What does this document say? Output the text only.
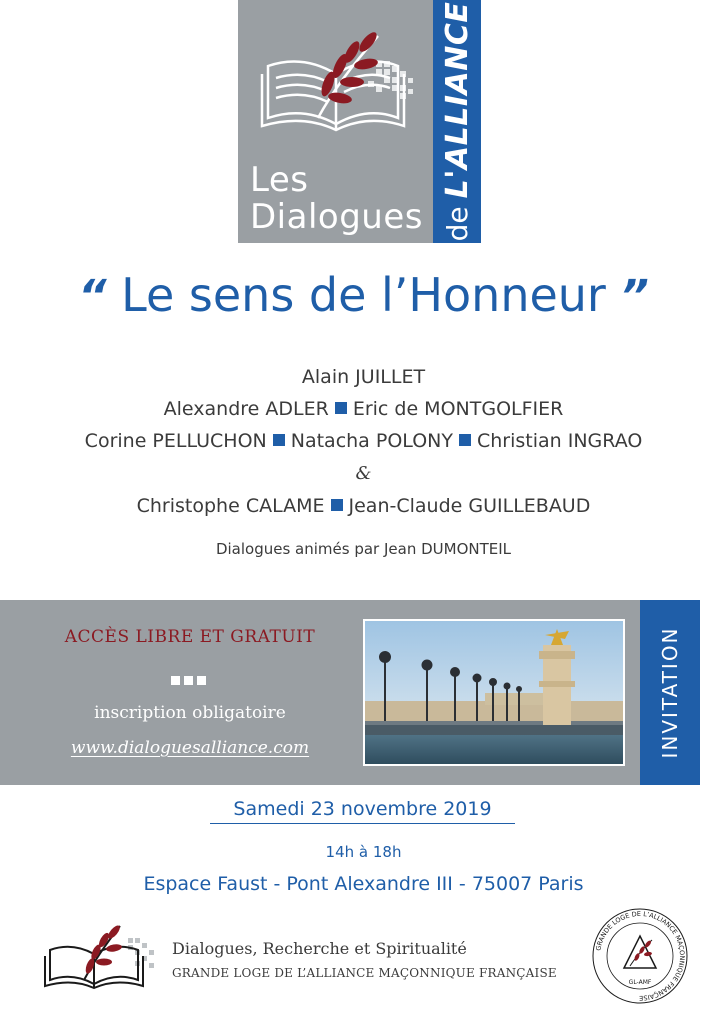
Les
Dialogues de
L'ALLIANCE
“ Le sens de l’Honneur ”
Alain JUILLET
Alexandre ADLER Eric de MONTGOLFIER
Corine PELLUCHON Natacha POLONY Christian INGRAO
&
Christophe CALAME Jean-Claude GUILLEBAUD
Dialogues animés par Jean DUMONTEIL
INVITATION
ACCÈS LIBRE ET GRATUIT
inscription obligatoire
www.dialoguesalliance.com
Samedi 23 novembre 2019
14h à 18h
Espace Faust - Pont Alexandre III - 75007 Paris
Dialogues, Recherche et Spiritualité
GRANDE LOGE DE L’ALLIANCE MAÇONNIQUE FRANÇAISE
GRANDE LOGE DE L’ALLIANCE MAÇONNIQUE FRANÇAISE
GL-AMF
